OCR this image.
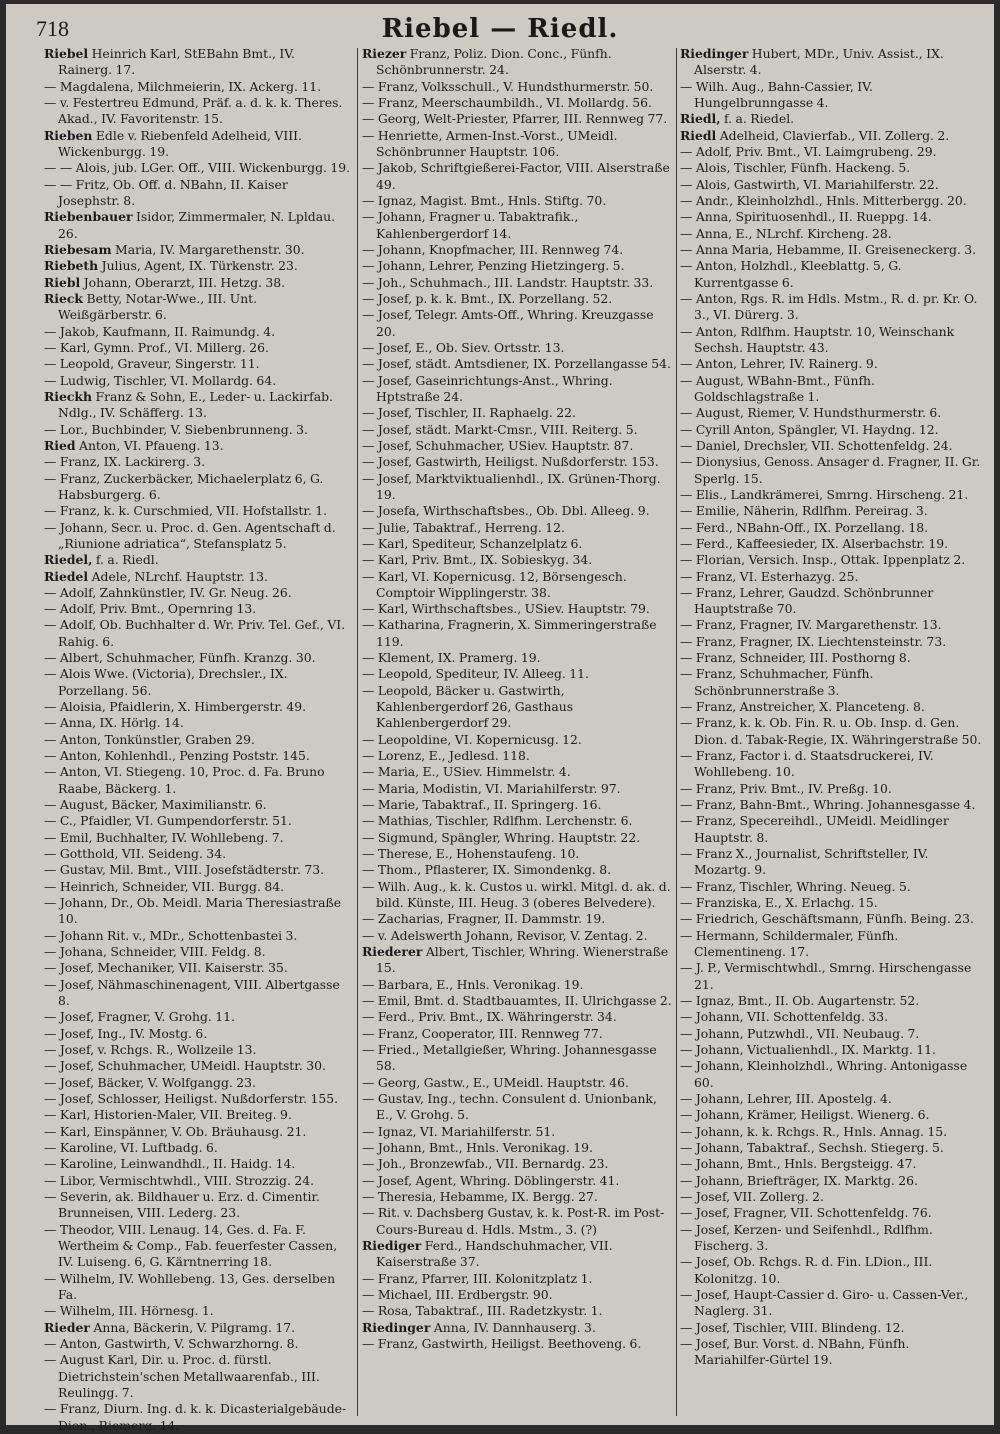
718	Riebel — Riedl.

Riebel Heinrich Karl, StEBahn Bmt., IV. Rainerg. 17.

— Magdalena, Milchmeierin, IX. Ackerg. 11.

— v. Festertreu Edmund, Präf. a. d. k. k. Theres. Akad., IV. Favoritenstr. 15.

Rieben Edle v. Riebenfeld Adelheid, VIII. Wickenburgg. 19.

— — Alois, jub. LGer. Off., VIII. Wickenburgg. 19.

— — Fritz, Ob. Off. d. NBahn, II. Kaiser Josephstr. 8.

Riebenbauer Isidor, Zimmermaler, N. Lpldau. 26.

Riebesam Maria, IV. Margarethenstr. 30.

Riebeth Julius, Agent, IX. Türkenstr. 23.

Riebl Johann, Oberarzt, III. Hetzg. 38.

Rieck Betty, Notar-Wwe., III. Unt. Weißgärberstr. 6.

— Jakob, Kaufmann, II. Raimundg. 4.

— Karl, Gymn. Prof., VI. Millerg. 26.

— Leopold, Graveur, Singerstr. 11.

— Ludwig, Tischler, VI. Mollardg. 64.

Rieckh Franz & Sohn, E., Leder- u. Lackirfab. Ndlg., IV. Schäfferg. 13.

— Lor., Buchbinder, V. Siebenbrunneng. 3.

Ried Anton, VI. Pfaueng. 13.

— Franz, IX. Lackirerg. 3.

— Franz, Zuckerbäcker, Michaelerplatz 6, G. Habsburgerg. 6.

— Franz, k. k. Curschmied, VII. Hofstallstr. 1.

— Johann, Secr. u. Proc. d. Gen. Agentschaft d. „Riunione adriatica“, Stefansplatz 5.

Riedel, f. a. Riedl.

Riedel Adele, NLrchf. Hauptstr. 13.

— Adolf, Zahnkünstler, IV. Gr. Neug. 26.

— Adolf, Priv. Bmt., Opernring 13.

— Adolf, Ob. Buchhalter d. Wr. Priv. Tel. Gef., VI. Rahig. 6.

— Albert, Schuhmacher, Fünfh. Kranzg. 30.

— Alois Wwe. (Victoria), Drechsler., IX. Porzellang. 56.

— Aloisia, Pfaidlerin, X. Himbergerstr. 49.

— Anna, IX. Hörlg. 14.

— Anton, Tonkünstler, Graben 29.

— Anton, Kohlenhdl., Penzing Poststr. 145.

— Anton, VI. Stiegeng. 10, Proc. d. Fa. Bruno Raabe, Bäckerg. 1.

— August, Bäcker, Maximilianstr. 6.

— C., Pfaidler, VI. Gumpendorferstr. 51.

— Emil, Buchhalter, IV. Wohllebeng. 7.

— Gotthold, VII. Seideng. 34.

— Gustav, Mil. Bmt., VIII. Josefstädterstr. 73.

— Heinrich, Schneider, VII. Burgg. 84.

— Johann, Dr., Ob. Meidl. Maria Theresiastraße 10.

— Johann Rit. v., MDr., Schottenbastei 3.

— Johana, Schneider, VIII. Feldg. 8.

— Josef, Mechaniker, VII. Kaiserstr. 35.

— Josef, Nähmaschinenagent, VIII. Albertgasse 8.

— Josef, Fragner, V. Grohg. 11.

— Josef, Ing., IV. Mostg. 6.

— Josef, v. Rchgs. R., Wollzeile 13.

— Josef, Schuhmacher, UMeidl. Hauptstr. 30.

— Josef, Bäcker, V. Wolfgangg. 23.

— Josef, Schlosser, Heiligst. Nußdorferstr. 155.

— Karl, Historien-Maler, VII. Breiteg. 9.

— Karl, Einspänner, V. Ob. Bräuhausg. 21.

— Karoline, VI. Luftbadg. 6.

— Karoline, Leinwandhdl., II. Haidg. 14.

— Libor, Vermischtwhdl., VIII. Strozzig. 24.

— Severin, ak. Bildhauer u. Erz. d. Cimentir. Brunneisen, VIII. Lederg. 23.

— Theodor, VIII. Lenaug. 14, Ges. d. Fa. F. Wertheim & Comp., Fab. feuerfester Cassen, IV. Luiseng. 6, G. Kärntnerring 18.

— Wilhelm, IV. Wohllebeng. 13, Ges. derselben Fa.

— Wilhelm, III. Hörnesg. 1.

Rieder Anna, Bäckerin, V. Pilgramg. 17.

— Anton, Gastwirth, V. Schwarzhorng. 8.

— August Karl, Dir. u. Proc. d. fürstl. Dietrichstein'schen Metallwaarenfab., III. Reulingg. 7.

— Franz, Diurn. Ing. d. k. k. Dicasterialgebäude-Dion., Riemerg. 14.

Riezer Franz, Poliz. Dion. Conc., Fünfh. Schönbrunnerstr. 24.

— Franz, Volksschull., V. Hundsthurmerstr. 50.

— Franz, Meerschaumbildh., VI. Mollardg. 56.

— Georg, Welt-Priester, Pfarrer, III. Rennweg 77.

— Henriette, Armen-Inst.-Vorst., UMeidl. Schönbrunner Hauptstr. 106.

— Jakob, Schriftgießerei-Factor, VIII. Alserstraße 49.

— Ignaz, Magist. Bmt., Hnls. Stiftg. 70.

— Johann, Fragner u. Tabaktrafik., Kahlenbergerdorf 14.

— Johann, Knopfmacher, III. Rennweg 74.

— Johann, Lehrer, Penzing Hietzingerg. 5.

— Joh., Schuhmach., III. Landstr. Hauptstr. 33.

— Josef, p. k. k. Bmt., IX. Porzellang. 52.

— Josef, Telegr. Amts-Off., Whring. Kreuzgasse 20.

— Josef, E., Ob. Siev. Ortsstr. 13.

— Josef, städt. Amtsdiener, IX. Porzellangasse 54.

— Josef, Gaseinrichtungs-Anst., Whring. Hptstraße 24.

— Josef, Tischler, II. Raphaelg. 22.

— Josef, städt. Markt-Cmsr., VIII. Reiterg. 5.

— Josef, Schuhmacher, USiev. Hauptstr. 87.

— Josef, Gastwirth, Heiligst. Nußdorferstr. 153.

— Josef, Marktviktualienhdl., IX. Grünen-Thorg. 19.

— Josefa, Wirthschaftsbes., Ob. Dbl. Alleeg. 9.

— Julie, Tabaktraf., Herreng. 12.

— Karl, Spediteur, Schanzelplatz 6.

— Karl, Priv. Bmt., IX. Sobieskyg. 34.

— Karl, VI. Kopernicusg. 12, Börsengesch. Comptoir Wipplingerstr. 38.

— Karl, Wirthschaftsbes., USiev. Hauptstr. 79.

— Katharina, Fragnerin, X. Simmeringerstraße 119.

— Klement, IX. Pramerg. 19.

— Leopold, Spediteur, IV. Alleeg. 11.

— Leopold, Bäcker u. Gastwirth, Kahlenbergerdorf 26, Gasthaus Kahlenbergerdorf 29.

— Leopoldine, VI. Kopernicusg. 12.

— Lorenz, E., Jedlesd. 118.

— Maria, E., USiev. Himmelstr. 4.

— Maria, Modistin, VI. Mariahilferstr. 97.

— Marie, Tabaktraf., II. Springerg. 16.

— Mathias, Tischler, Rdlfhm. Lerchenstr. 6.

— Sigmund, Spängler, Whring. Hauptstr. 22.

— Therese, E., Hohenstaufeng. 10.

— Thom., Pflasterer, IX. Simondenkg. 8.

— Wilh. Aug., k. k. Custos u. wirkl. Mitgl. d. ak. d. bild. Künste, III. Heug. 3 (oberes Belvedere).

— Zacharias, Fragner, II. Dammstr. 19.

— v. Adelswerth Johann, Revisor, V. Zentag. 2.

Riederer Albert, Tischler, Whring. Wienerstraße 15.

— Barbara, E., Hnls. Veronikag. 19.

— Emil, Bmt. d. Stadtbauamtes, II. Ulrichgasse 2.

— Ferd., Priv. Bmt., IX. Währingerstr. 34.

— Franz, Cooperator, III. Rennweg 77.

— Fried., Metallgießer, Whring. Johannesgasse 58.

— Georg, Gastw., E., UMeidl. Hauptstr. 46.

— Gustav, Ing., techn. Consulent d. Unionbank, E., V. Grohg. 5.

— Ignaz, VI. Mariahilferstr. 51.

— Johann, Bmt., Hnls. Veronikag. 19.

— Joh., Bronzewfab., VII. Bernardg. 23.

— Josef, Agent, Whring. Döblingerstr. 41.

— Theresia, Hebamme, IX. Bergg. 27.

— Rit. v. Dachsberg Gustav, k. k. Post-R. im Post-Cours-Bureau d. Hdls. Mstm., 3. (?)

Riediger Ferd., Handschuhmacher, VII. Kaiserstraße 37.

— Franz, Pfarrer, III. Kolonitzplatz 1.

— Michael, III. Erdbergstr. 90.

— Rosa, Tabaktraf., III. Radetzkystr. 1.

Riedinger Anna, IV. Dannhauserg. 3.

— Franz, Gastwirth, Heiligst. Beethoveng. 6.

Riedinger Hubert, MDr., Univ. Assist., IX. Alserstr. 4.

— Wilh. Aug., Bahn-Cassier, IV. Hungelbrunngasse 4.

Riedl, f. a. Riedel.

Riedl Adelheid, Clavierfab., VII. Zollerg. 2.

— Adolf, Priv. Bmt., VI. Laimgrubeng. 29.

— Alois, Tischler, Fünfh. Hackeng. 5.

— Alois, Gastwirth, VI. Mariahilferstr. 22.

— Andr., Kleinholzhdl., Hnls. Mitterbergg. 20.

— Anna, Spirituosenhdl., II. Rueppg. 14.

— Anna, E., NLrchf. Kircheng. 28.

— Anna Maria, Hebamme, II. Greiseneckerg. 3.

— Anton, Holzhdl., Kleeblattg. 5, G. Kurrentgasse 6.

— Anton, Rgs. R. im Hdls. Mstm., R. d. pr. Kr. O. 3., VI. Dürerg. 3.

— Anton, Rdlfhm. Hauptstr. 10, Weinschank Sechsh. Hauptstr. 43.

— Anton, Lehrer, IV. Rainerg. 9.

— August, WBahn-Bmt., Fünfh. Goldschlagstraße 1.

— August, Riemer, V. Hundsthurmerstr. 6.

— Cyrill Anton, Spängler, VI. Haydng. 12.

— Daniel, Drechsler, VII. Schottenfeldg. 24.

— Dionysius, Genoss. Ansager d. Fragner, II. Gr. Sperlg. 15.

— Elis., Landkrämerei, Smrng. Hirscheng. 21.

— Emilie, Näherin, Rdlfhm. Pereirag. 3.

— Ferd., NBahn-Off., IX. Porzellang. 18.

— Ferd., Kaffeesieder, IX. Alserbachstr. 19.

— Florian, Versich. Insp., Ottak. Ippenplatz 2.

— Franz, VI. Esterhazyg. 25.

— Franz, Lehrer, Gaudzd. Schönbrunner Hauptstraße 70.

— Franz, Fragner, IV. Margarethenstr. 13.

— Franz, Fragner, IX. Liechtensteinstr. 73.

— Franz, Schneider, III. Posthorng 8.

— Franz, Schuhmacher, Fünfh. Schönbrunnerstraße 3.

— Franz, Anstreicher, X. Planceteng. 8.

— Franz, k. k. Ob. Fin. R. u. Ob. Insp. d. Gen. Dion. d. Tabak-Regie, IX. Währingerstraße 50.

— Franz, Factor i. d. Staatsdruckerei, IV. Wohllebeng. 10.

— Franz, Priv. Bmt., IV. Preßg. 10.

— Franz, Bahn-Bmt., Whring. Johannesgasse 4.

— Franz, Specereihdl., UMeidl. Meidlinger Hauptstr. 8.

— Franz X., Journalist, Schriftsteller, IV. Mozartg. 9.

— Franz, Tischler, Whring. Neueg. 5.

— Franziska, E., X. Erlachg. 15.

— Friedrich, Geschäftsmann, Fünfh. Being. 23.

— Hermann, Schildermaler, Fünfh. Clementineng. 17.

— J. P., Vermischtwhdl., Smrng. Hirschengasse 21.

— Ignaz, Bmt., II. Ob. Augartenstr. 52.

— Johann, VII. Schottenfeldg. 33.

— Johann, Putzwhdl., VII. Neubaug. 7.

— Johann, Victualienhdl., IX. Marktg. 11.

— Johann, Kleinholzhdl., Whring. Antonigasse 60.

— Johann, Lehrer, III. Apostelg. 4.

— Johann, Krämer, Heiligst. Wienerg. 6.

— Johann, k. k. Rchgs. R., Hnls. Annag. 15.

— Johann, Tabaktraf., Sechsh. Stiegerg. 5.

— Johann, Bmt., Hnls. Bergsteigg. 47.

— Johann, Briefträger, IX. Marktg. 26.

— Josef, VII. Zollerg. 2.

— Josef, Fragner, VII. Schottenfeldg. 76.

— Josef, Kerzen- und Seifenhdl., Rdlfhm. Fischerg. 3.

— Josef, Ob. Rchgs. R. d. Fin. LDion., III. Kolonitzg. 10.

— Josef, Haupt-Cassier d. Giro- u. Cassen-Ver., Naglerg. 31.

— Josef, Tischler, VIII. Blindeng. 12.

— Josef, Bur. Vorst. d. NBahn, Fünfh. Mariahilfer-Gürtel 19.
